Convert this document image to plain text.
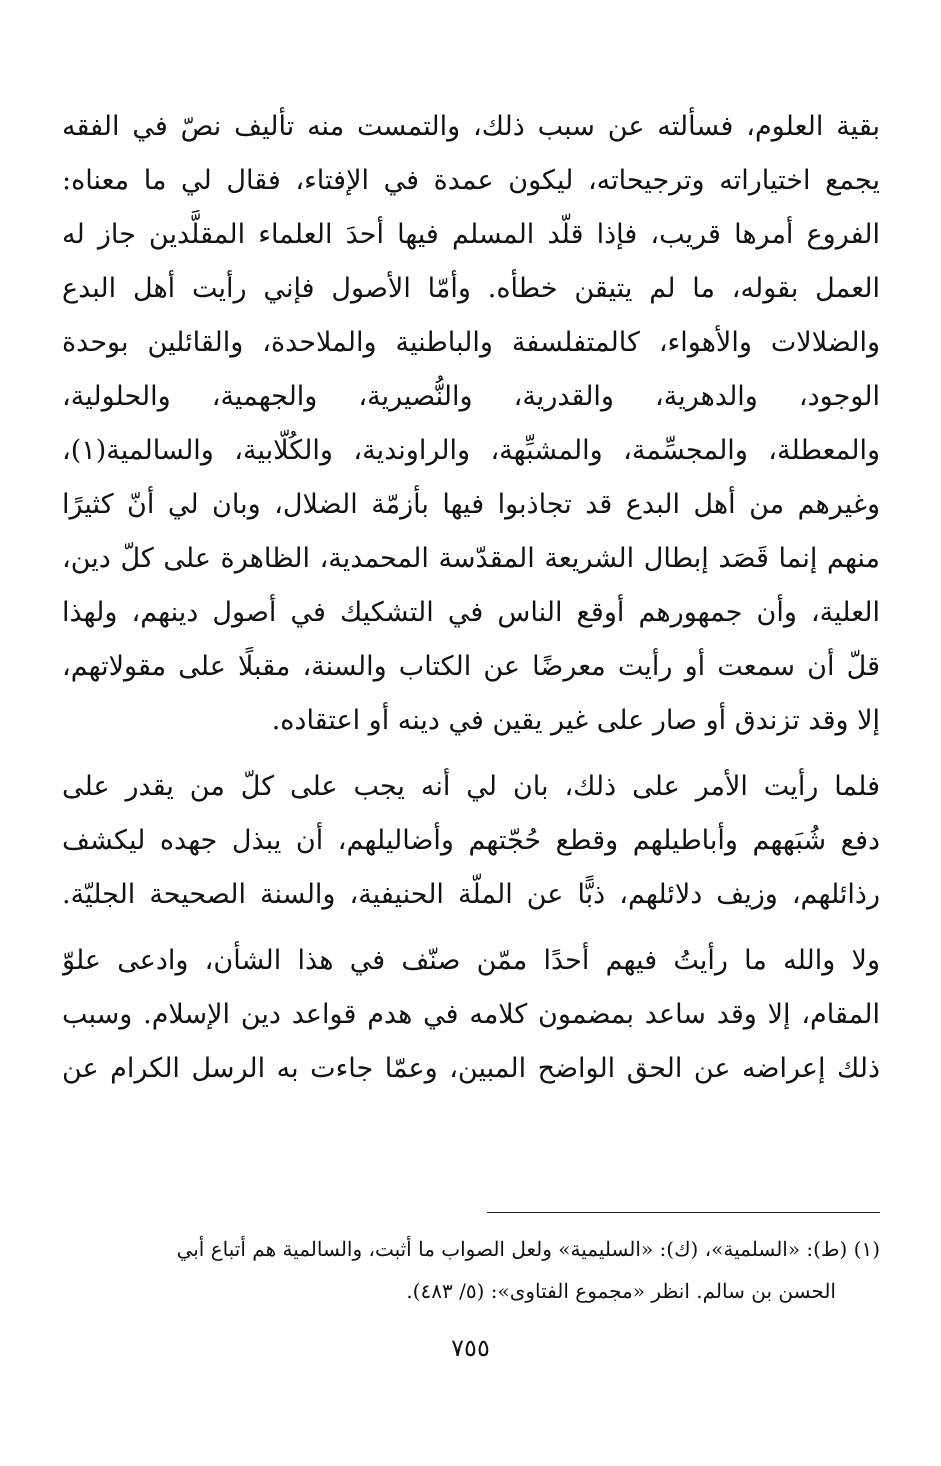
بقية العلوم، فسألته عن سبب ذلك، والتمست منه تأليف نصّ في الفقه
يجمع اختياراته وترجيحاته، ليكون عمدة في الإفتاء، فقال لي ما معناه:
الفروع أمرها قريب، فإذا قلّد المسلم فيها أحدَ العلماء المقلَّدين جاز له
العمل بقوله، ما لم يتيقن خطأه. وأمّا الأصول فإني رأيت أهل البدع
والضلالات والأهواء، كالمتفلسفة والباطنية والملاحدة، والقائلين بوحدة
الوجود، والدهرية، والقدرية، والنُّصيرية، والجهمية، والحلولية،
والمعطلة، والمجسِّمة، والمشبِّهة، والراوندية، والكُلّابية، والسالمية(١)،
وغيرهم من أهل البدع قد تجاذبوا فيها بأزمّة الضلال، وبان لي أنّ كثيرًا
منهم إنما قَصَد إبطال الشريعة المقدّسة المحمدية، الظاهرة على كلّ دين،
العلية، وأن جمهورهم أوقع الناس في التشكيك في أصول دينهم، ولهذا
قلّ أن سمعت أو رأيت معرضًا عن الكتاب والسنة، مقبلًا على مقولاتهم،
إلا وقد تزندق أو صار على غير يقين في دينه أو اعتقاده.
فلما رأيت الأمر على ذلك، بان لي أنه يجب على كلّ من يقدر على
دفع شُبَههم وأباطيلهم وقطع حُجّتهم وأضاليلهم، أن يبذل جهده ليكشف
رذائلهم، وزيف دلائلهم، ذبًّا عن الملّة الحنيفية، والسنة الصحيحة الجليّة.
ولا والله ما رأيتُ فيهم أحدًا ممّن صنّف في هذا الشأن، وادعى علوّ
المقام، إلا وقد ساعد بمضمون كلامه في هدم قواعد دين الإسلام. وسبب
ذلك إعراضه عن الحق الواضح المبين، وعمّا جاءت به الرسل الكرام عن
(١) (ط): «السلمية»، (ك): «السليمية» ولعل الصواب ما أثبت، والسالمية هم أتباع أبي
الحسن بن سالم. انظر «مجموع الفتاوى»: (٥/ ٤٨٣).
٧٥٥
